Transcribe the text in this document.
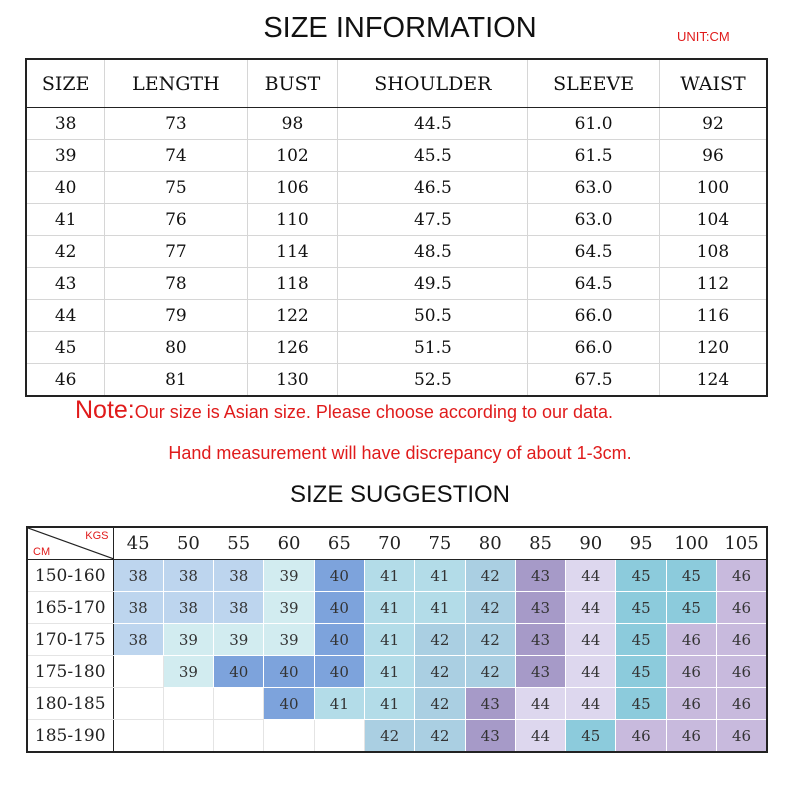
SIZE INFORMATION	UNIT:CM
SIZE	LENGTH	BUST	SHOULDER	SLEEVE	WAIST
38	73	98	44.5	61.0	92
39	74	102	45.5	61.5	96
40	75	106	46.5	63.0	100
41	76	110	47.5	63.0	104
42	77	114	48.5	64.5	108
43	78	118	49.5	64.5	112
44	79	122	50.5	66.0	116
45	80	126	51.5	66.0	120
46	81	130	52.5	67.5	124
Note:Our size is Asian size. Please choose according to our data.
Hand measurement will have discrepancy of about 1-3cm.
SIZE SUGGESTION
KGS
CM	45	50	55	60	65	70	75	80	85	90	95	100	105
150-160	38	38	38	39	40	41	41	42	43	44	45	45	46
165-170	38	38	38	39	40	41	41	42	43	44	45	45	46
170-175	38	39	39	39	40	41	42	42	43	44	45	46	46
175-180		39	40	40	40	41	42	42	43	44	45	46	46
180-185				40	41	41	42	43	44	44	45	46	46
185-190						42	42	43	44	45	46	46	46
